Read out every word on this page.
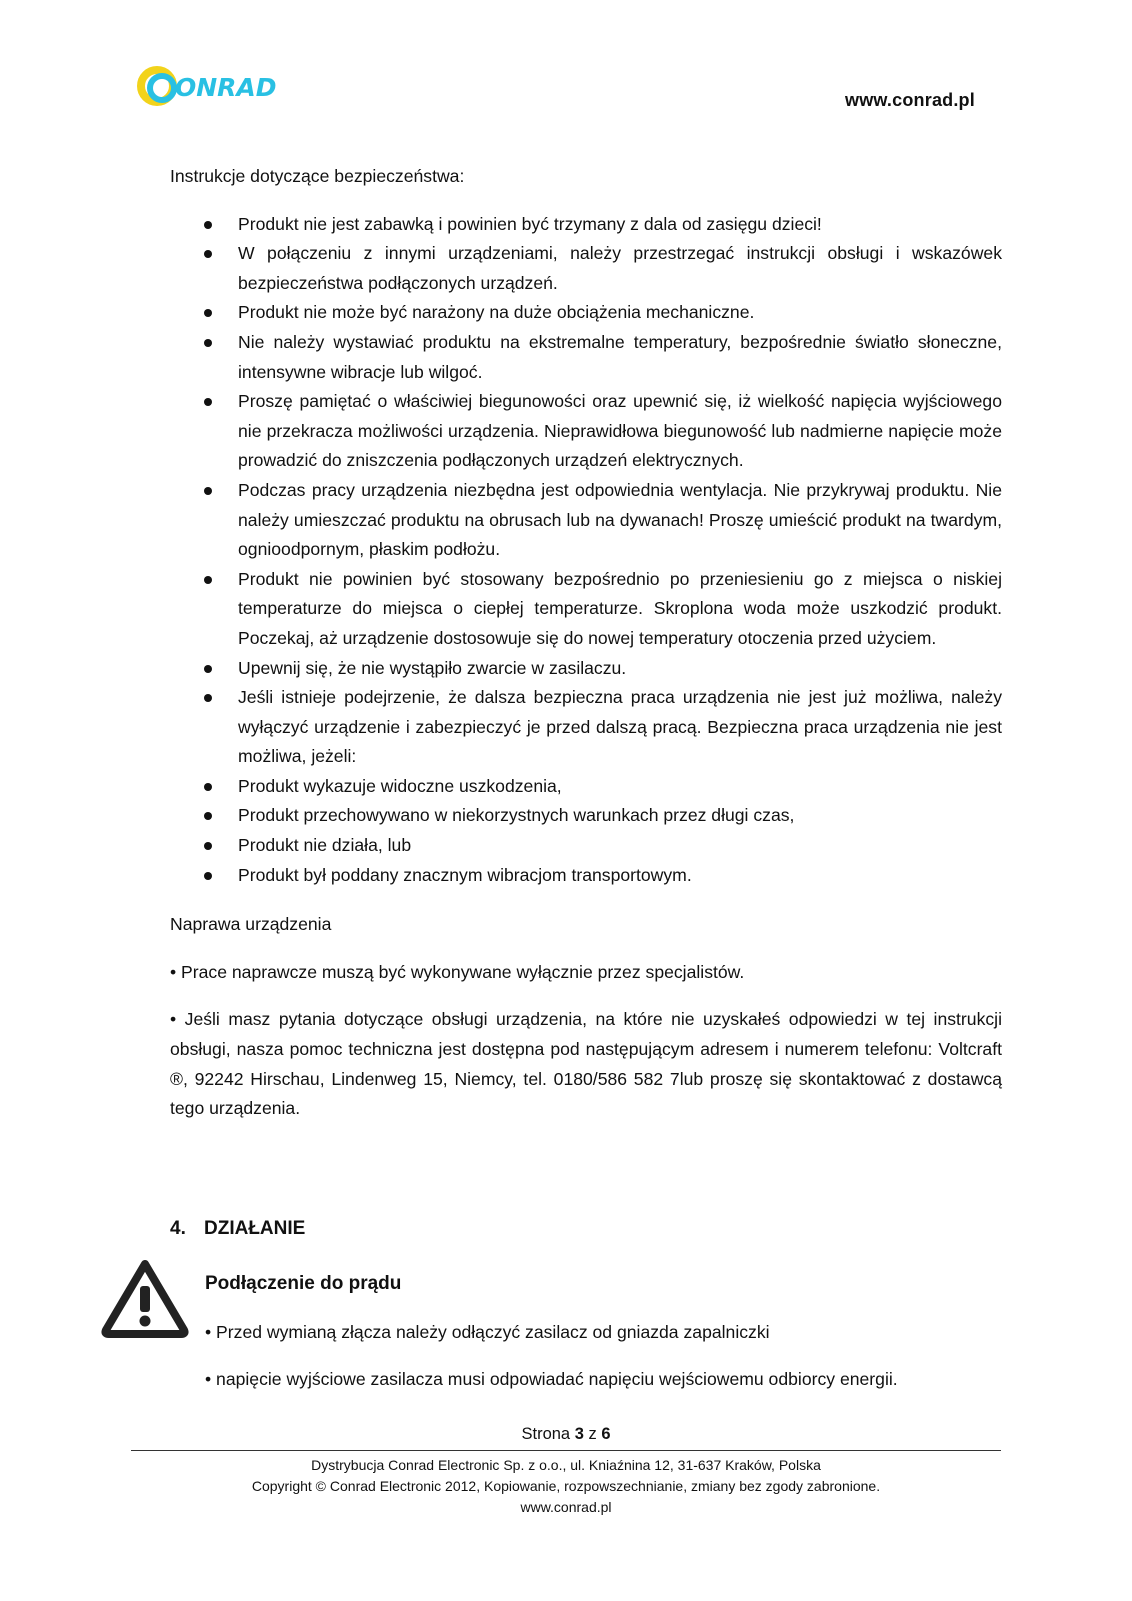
ONRAD	www.conrad.pl

Instrukcje dotyczące bezpieczeństwa:

Produkt nie jest zabawką i powinien być trzymany z dala od zasięgu dzieci!
W połączeniu z innymi urządzeniami, należy przestrzegać instrukcji obsługi i wskazówek bezpieczeństwa podłączonych urządzeń.
Produkt nie może być narażony na duże obciążenia mechaniczne.
Nie należy wystawiać produktu na ekstremalne temperatury, bezpośrednie światło słoneczne, intensywne wibracje lub wilgoć.
Proszę pamiętać o właściwiej biegunowości oraz upewnić się, iż wielkość napięcia wyjściowego nie przekracza możliwości urządzenia. Nieprawidłowa biegunowość lub nadmierne napięcie może prowadzić do zniszczenia podłączonych urządzeń elektrycznych.
Podczas pracy urządzenia niezbędna jest odpowiednia wentylacja. Nie przykrywaj produktu. Nie należy umieszczać produktu na obrusach lub na dywanach! Proszę umieścić produkt na twardym, ognioodpornym, płaskim podłożu.
Produkt nie powinien być stosowany bezpośrednio po przeniesieniu go z miejsca o niskiej temperaturze do miejsca o ciepłej temperaturze. Skroplona woda może uszkodzić produkt. Poczekaj, aż urządzenie dostosowuje się do nowej temperatury otoczenia przed użyciem.
Upewnij się, że nie wystąpiło zwarcie w zasilaczu.
Jeśli istnieje podejrzenie, że dalsza bezpieczna praca urządzenia nie jest już możliwa, należy wyłączyć urządzenie i zabezpieczyć je przed dalszą pracą. Bezpieczna praca urządzenia nie jest możliwa, jeżeli:
Produkt wykazuje widoczne uszkodzenia,
Produkt przechowywano w niekorzystnych warunkach przez długi czas,
Produkt nie działa, lub
Produkt był poddany znacznym wibracjom transportowym.

Naprawa urządzenia

• Prace naprawcze muszą być wykonywane wyłącznie przez specjalistów.

• Jeśli masz pytania dotyczące obsługi urządzenia, na które nie uzyskałeś odpowiedzi w tej instrukcji obsługi, nasza pomoc techniczna jest dostępna pod następującym adresem i numerem telefonu: Voltcraft ®, 92242 Hirschau, Lindenweg 15, Niemcy, tel. 0180/586 582 7lub proszę się skontaktować z dostawcą tego urządzenia.

4. DZIAŁANIE

Podłączenie do prądu

• Przed wymianą złącza należy odłączyć zasilacz od gniazda zapalniczki

• napięcie wyjściowe zasilacza musi odpowiadać napięciu wejściowemu odbiorcy energii.

Strona 3 z 6
Dystrybucja Conrad Electronic Sp. z o.o., ul. Kniaźnina 12, 31-637 Kraków, Polska
Copyright © Conrad Electronic 2012, Kopiowanie, rozpowszechnianie, zmiany bez zgody zabronione.
www.conrad.pl
